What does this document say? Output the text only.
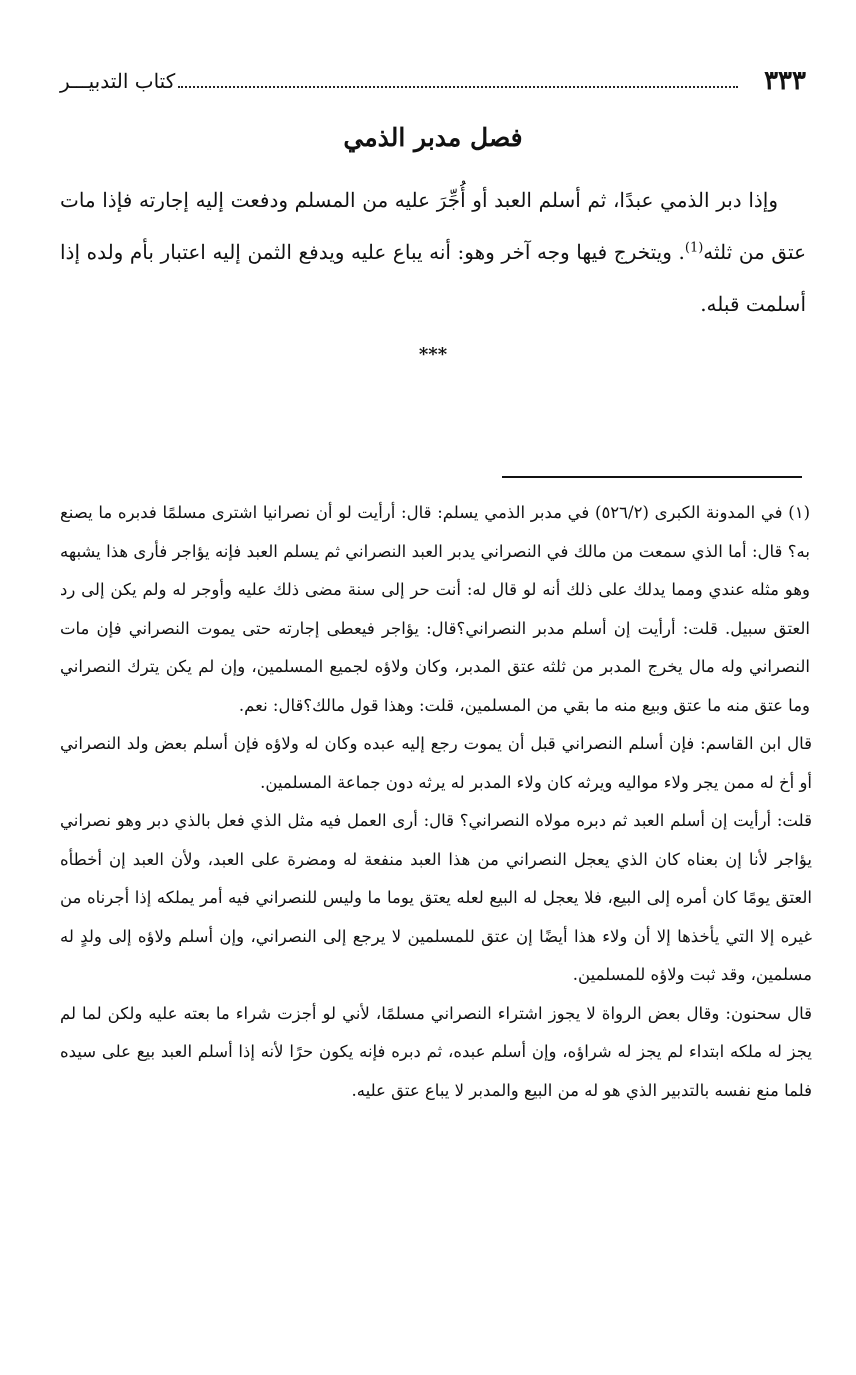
٣٣٣
كتاب التدبيـــر
فصل مدبر الذمي

وإذا دبر الذمي عبدًا، ثم أسلم العبد أو أُجِّرَ عليه من المسلم ودفعت إليه إجارته فإذا مات عتق من ثلثه$^{(1)}$. ويتخرج فيها وجه آخر وهو: أنه يباع عليه ويدفع الثمن إليه اعتبار بأم ولده إذا أسلمت قبله.

***

(١) في المدونة الكبرى (٥٢٦/٢) في مدبر الذمي يسلم: قال: أرأيت لو أن نصرانيا اشترى مسلمًا فدبره ما يصنع به؟ قال: أما الذي سمعت من مالك في النصراني يدبر العبد النصراني ثم يسلم العبد فإنه يؤاجر فأرى هذا يشبهه وهو مثله عندي ومما يدلك على ذلك أنه لو قال له: أنت حر إلى سنة مضى ذلك عليه وأوجر له ولم يكن إلى رد العتق سبيل. قلت: أرأيت إن أسلم مدبر النصراني؟قال: يؤاجر فيعطى إجارته حتى يموت النصراني فإن مات النصراني وله مال يخرج المدبر من ثلثه عتق المدبر، وكان ولاؤه لجميع المسلمين، وإن لم يكن يترك النصراني وما عتق منه ما عتق وبيع منه ما بقي من المسلمين، قلت: وهذا قول مالك؟قال: نعم.

قال ابن القاسم: فإن أسلم النصراني قبل أن يموت رجع إليه عبده وكان له ولاؤه فإن أسلم بعض ولد النصراني أو أخ له ممن يجر ولاء مواليه ويرثه كان ولاء المدبر له يرثه دون جماعة المسلمين.

قلت: أرأيت إن أسلم العبد ثم دبره مولاه النصراني؟ قال: أرى العمل فيه مثل الذي فعل بالذي دبر وهو نصراني يؤاجر لأنا إن بعناه كان الذي يعجل النصراني من هذا العبد منفعة له ومضرة على العبد، ولأن العبد إن أخطأه العتق يومًا كان أمره إلى البيع، فلا يعجل له البيع لعله يعتق يوما ما وليس للنصراني فيه أمر يملكه إذا أجرناه من غيره إلا التي يأخذها إلا أن ولاء هذا أيضًا إن عتق للمسلمين لا يرجع إلى النصراني، وإن أسلم ولاؤه إلى ولدٍ له مسلمين، وقد ثبت ولاؤه للمسلمين.

قال سحنون: وقال بعض الرواة لا يجوز اشتراء النصراني مسلمًا، لأني لو أجزت شراء ما بعته عليه ولكن لما لم يجز له ملكه ابتداء لم يجز له شراؤه، وإن أسلم عبده، ثم دبره فإنه يكون حرًا لأنه إذا أسلم العبد بيع على سيده فلما منع نفسه بالتدبير الذي هو له من البيع والمدبر لا يباع عتق عليه.
